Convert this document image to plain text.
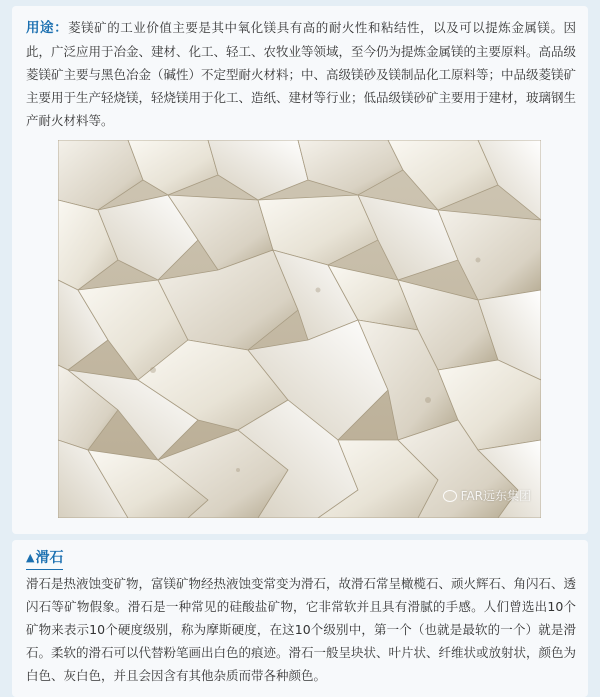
用途：菱镁矿的工业价值主要是其中氧化镁具有高的耐火性和粘结性，以及可以提炼金属镁。因此，广泛应用于冶金、建材、化工、轻工、农牧业等领域，至今仍为提炼金属镁的主要原料。高品级菱镁矿主要与黑色冶金（碱性）不定型耐火材料；中、高级镁砂及镁制品化工原料等；中品级菱镁矿主要用于生产轻烧镁，轻烧镁用于化工、造纸、建材等行业；低品级镁砂矿主要用于建材，玻璃钢生产耐火材料等。
FAR远东集团
▲滑石
滑石是热液蚀变矿物，富镁矿物经热液蚀变常变为滑石，故滑石常呈橄榄石、顽火辉石、角闪石、透闪石等矿物假象。滑石是一种常见的硅酸盐矿物，它非常软并且具有滑腻的手感。人们曾选出10个矿物来表示10个硬度级别，称为摩斯硬度，在这10个级别中，第一个（也就是最软的一个）就是滑石。柔软的滑石可以代替粉笔画出白色的痕迹。滑石一般呈块状、叶片状、纤维状或放射状，颜色为白色、灰白色，并且会因含有其他杂质而带各种颜色。
